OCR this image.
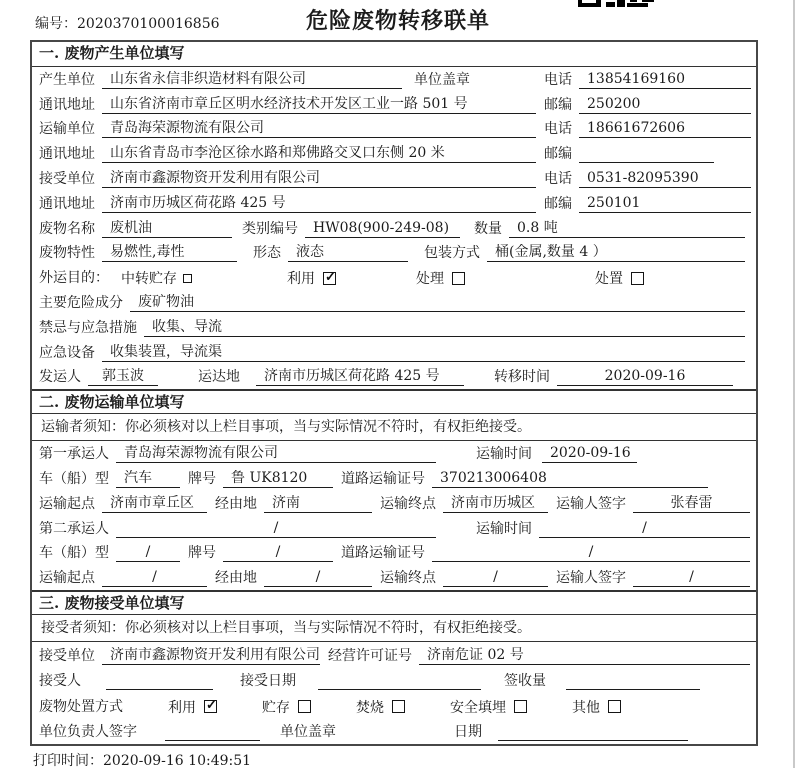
编号：2020370100016856	危险废物转移联单
一. 废物产生单位填写
产生单位	山东省永信非织造材料有限公司	单位盖章	电话	13854169160
通讯地址	山东省济南市章丘区明水经济技术开发区工业一路 501 号	邮编	250200
运输单位	青岛海荣源物流有限公司	电话	18661672606
通讯地址	山东省青岛市李沧区徐水路和郑佛路交叉口东侧 20 米	邮编
接受单位	济南市鑫源物资开发利用有限公司	电话	0531-82095390
通讯地址	济南市历城区荷花路 425 号	邮编	250101
废物名称	废机油	类别编号	HW08(900-249-08)	数量	0.8 吨
废物特性	易燃性,毒性	形态	液态	包装方式	桶(金属,数量 4 ）
外运目的： 中转贮存	利用 ✓	处理	处置
主要危险成分	废矿物油
禁忌与应急措施	收集、导流
应急设备	收集装置，导流渠
发运人	郭玉波	运达地	济南市历城区荷花路 425 号	转移时间	2020-09-16
二. 废物运输单位填写
运输者须知：你必须核对以上栏目事项，当与实际情况不符时，有权拒绝接受。
第一承运人	青岛海荣源物流有限公司	运输时间	2020-09-16
车（船）型	汽车	牌号	鲁 UK8120	道路运输证号	370213006408
运输起点	济南市章丘区	经由地	济南	运输终点	济南市历城区	运输人签字	张春雷
第二承运人	/	运输时间	/
车（船）型	/	牌号	/	道路运输证号	/
运输起点	/	经由地	/	运输终点	/	运输人签字	/
三. 废物接受单位填写
接受者须知：你必须核对以上栏目事项，当与实际情况不符时，有权拒绝接受。
接受单位	济南市鑫源物资开发利用有限公司 经营许可证号	济南危证 02 号
接受人	接受日期	签收量
废物处置方式	利用 ✓	贮存	焚烧	安全填埋	其他
单位负责人签字	单位盖章	日期
打印时间：2020-09-16 10:49:51
